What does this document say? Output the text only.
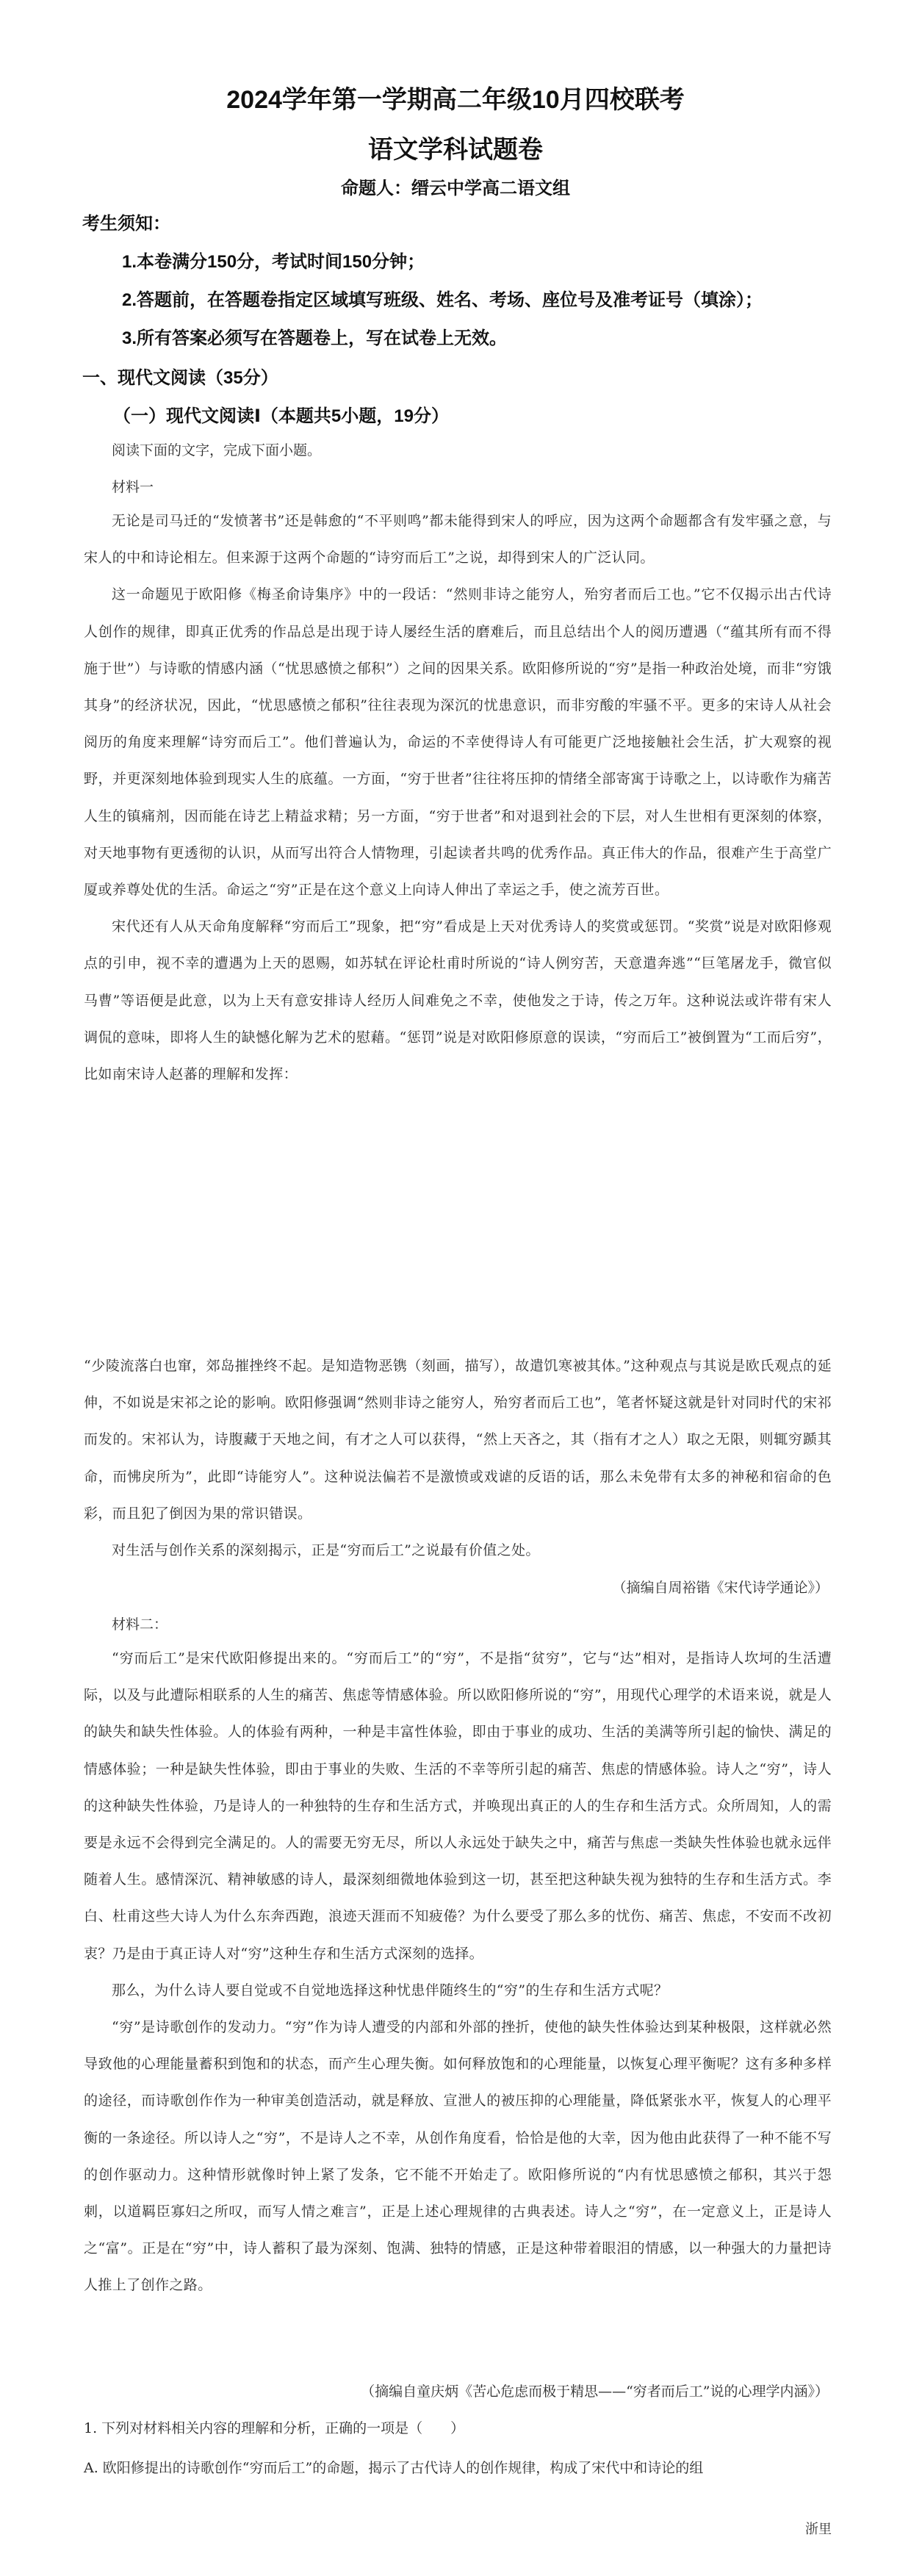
2024学年第一学期高二年级10月四校联考
语文学科试题卷
命题人：缙云中学高二语文组
考生须知：
1.本卷满分150分，考试时间150分钟；
2.答题前，在答题卷指定区域填写班级、姓名、考场、座位号及准考证号（填涂）；
3.所有答案必须写在答题卷上，写在试卷上无效。
一、现代文阅读（35分）
（一）现代文阅读Ⅰ（本题共5小题，19分）
阅读下面的文字，完成下面小题。
材料一

无论是司马迁的“发愤著书”还是韩愈的“不平则鸣”都未能得到宋人的呼应，因为这两个命题都含有发牢骚之意，与宋人的中和诗论相左。但来源于这两个命题的“诗穷而后工”之说，却得到宋人的广泛认同。

这一命题见于欧阳修《梅圣俞诗集序》中的一段话：“然则非诗之能穷人，殆穷者而后工也。”它不仅揭示出古代诗人创作的规律，即真正优秀的作品总是出现于诗人屡经生活的磨难后，而且总结出个人的阅历遭遇（“蕴其所有而不得施于世”）与诗歌的情感内涵（“忧思感愤之郁积”）之间的因果关系。欧阳修所说的“穷”是指一种政治处境，而非“穷饿其身”的经济状况，因此，“忧思感愤之郁积”往往表现为深沉的忧患意识，而非穷酸的牢骚不平。更多的宋诗人从社会阅历的角度来理解“诗穷而后工”。他们普遍认为，命运的不幸使得诗人有可能更广泛地接触社会生活，扩大观察的视野，并更深刻地体验到现实人生的底蕴。一方面，“穷于世者”往往将压抑的情绪全部寄寓于诗歌之上，以诗歌作为痛苦人生的镇痛剂，因而能在诗艺上精益求精；另一方面，“穷于世者”和对退到社会的下层，对人生世相有更深刻的体察，对天地事物有更透彻的认识，从而写出符合人情物理，引起读者共鸣的优秀作品。真正伟大的作品，很难产生于高堂广厦或养尊处优的生活。命运之“穷”正是在这个意义上向诗人伸出了幸运之手，使之流芳百世。

宋代还有人从天命角度解释“穷而后工”现象，把“穷”看成是上天对优秀诗人的奖赏或惩罚。“奖赏”说是对欧阳修观点的引申，视不幸的遭遇为上天的恩赐，如苏轼在评论杜甫时所说的“诗人例穷苦，天意遣奔逃”“巨笔屠龙手，微官似马曹”等语便是此意，以为上天有意安排诗人经历人间难免之不幸，使他发之于诗，传之万年。这种说法或许带有宋人调侃的意味，即将人生的缺憾化解为艺术的慰藉。“惩罚”说是对欧阳修原意的误读，“穷而后工”被倒置为“工而后穷”，比如南宋诗人赵蕃的理解和发挥：

“少陵流落白也窜，郊岛摧挫终不起。是知造物恶镌（刻画，描写），故遣饥寒被其体。”这种观点与其说是欧氏观点的延伸，不如说是宋祁之论的影响。欧阳修强调“然则非诗之能穷人，殆穷者而后工也”，笔者怀疑这就是针对同时代的宋祁而发的。宋祁认为，诗腹藏于天地之间，有才之人可以获得，“然上天吝之，其（指有才之人）取之无限，则辄穷踬其命，而怫戾所为”，此即“诗能穷人”。这种说法偏若不是激愤或戏谑的反语的话，那么未免带有太多的神秘和宿命的色彩，而且犯了倒因为果的常识错误。

对生活与创作关系的深刻揭示，正是“穷而后工”之说最有价值之处。

（摘编自周裕锴《宋代诗学通论》）
材料二：

“穷而后工”是宋代欧阳修提出来的。“穷而后工”的“穷”，不是指“贫穷”，它与“达”相对，是指诗人坎坷的生活遭际，以及与此遭际相联系的人生的痛苦、焦虑等情感体验。所以欧阳修所说的“穷”，用现代心理学的术语来说，就是人的缺失和缺失性体验。人的体验有两种，一种是丰富性体验，即由于事业的成功、生活的美满等所引起的愉快、满足的情感体验；一种是缺失性体验，即由于事业的失败、生活的不幸等所引起的痛苦、焦虑的情感体验。诗人之“穷”，诗人的这种缺失性体验，乃是诗人的一种独特的生存和生活方式，并唤现出真正的人的生存和生活方式。众所周知，人的需要是永远不会得到完全满足的。人的需要无穷无尽，所以人永远处于缺失之中，痛苦与焦虑一类缺失性体验也就永远伴随着人生。感情深沉、精神敏感的诗人，最深刻细微地体验到这一切，甚至把这种缺失视为独特的生存和生活方式。李白、杜甫这些大诗人为什么东奔西跑，浪迹天涯而不知疲倦？为什么要受了那么多的忧伤、痛苦、焦虑，不安而不改初衷？乃是由于真正诗人对“穷”这种生存和生活方式深刻的选择。

那么，为什么诗人要自觉或不自觉地选择这种忧患伴随终生的“穷”的生存和生活方式呢？

“穷”是诗歌创作的发动力。“穷”作为诗人遭受的内部和外部的挫折，使他的缺失性体验达到某种极限，这样就必然导致他的心理能量蓄积到饱和的状态，而产生心理失衡。如何释放饱和的心理能量，以恢复心理平衡呢？这有多种多样的途径，而诗歌创作作为一种审美创造活动，就是释放、宣泄人的被压抑的心理能量，降低紧张水平，恢复人的心理平衡的一条途径。所以诗人之“穷”，不是诗人之不幸，从创作角度看，恰恰是他的大幸，因为他由此获得了一种不能不写的创作驱动力。这种情形就像时钟上紧了发条，它不能不开始走了。欧阳修所说的“内有忧思感愤之郁积，其兴于怨刺，以道羁臣寡妇之所叹，而写人情之难言”，正是上述心理规律的古典表述。诗人之“穷”，在一定意义上，正是诗人之“富”。正是在“穷”中，诗人蓄积了最为深刻、饱满、独特的情感，正是这种带着眼泪的情感，以一种强大的力量把诗人推上了创作之路。

（摘编自童庆炳《苦心危虑而极于精思——“穷者而后工”说的心理学内涵》）
1. 下列对材料相关内容的理解和分析，正确的一项是（　　）
A. 欧阳修提出的诗歌创作“穷而后工”的命题，揭示了古代诗人的创作规律，构成了宋代中和诗论的组
浙里
